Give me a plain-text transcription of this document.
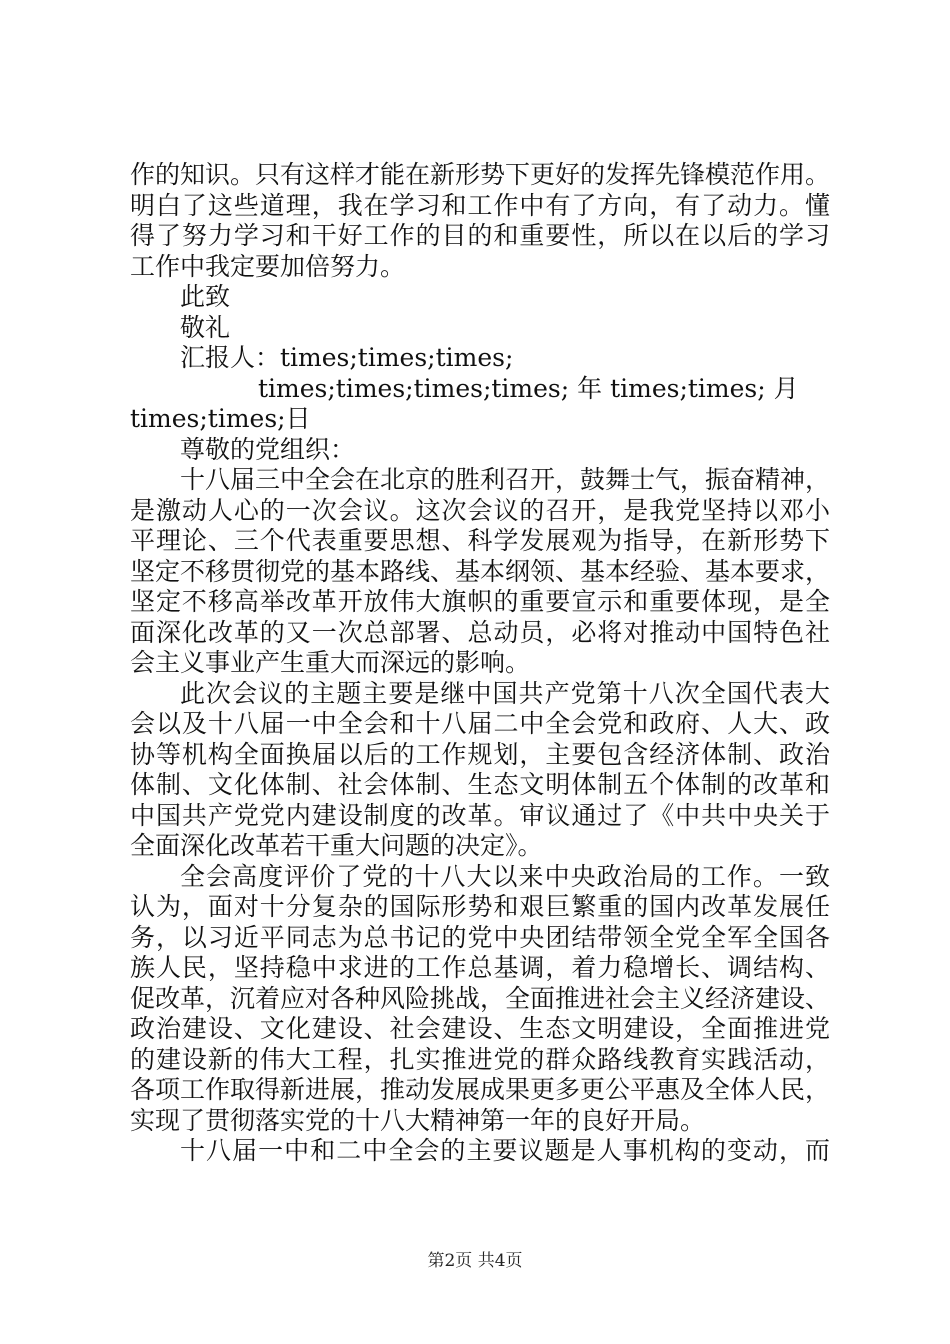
作的知识。只有这样才能在新形势下更好的发挥先锋模范作用。
明白了这些道理，我在学习和工作中有了方向，有了动力。懂
得了努力学习和干好工作的目的和重要性，所以在以后的学习
工作中我定要加倍努力。
此致
敬礼
汇报人：times;times;times;
times;times;times;times; 年 times;times; 月
times;times;日
尊敬的党组织：
十八届三中全会在北京的胜利召开，鼓舞士气，振奋精神，
是激动人心的一次会议。这次会议的召开，是我党坚持以邓小
平理论、三个代表重要思想、科学发展观为指导，在新形势下
坚定不移贯彻党的基本路线、基本纲领、基本经验、基本要求，
坚定不移高举改革开放伟大旗帜的重要宣示和重要体现，是全
面深化改革的又一次总部署、总动员，必将对推动中国特色社
会主义事业产生重大而深远的影响。
此次会议的主题主要是继中国共产党第十八次全国代表大
会以及十八届一中全会和十八届二中全会党和政府、人大、政
协等机构全面换届以后的工作规划，主要包含经济体制、政治
体制、文化体制、社会体制、生态文明体制五个体制的改革和
中国共产党党内建设制度的改革。审议通过了《中共中央关于
全面深化改革若干重大问题的决定》。
全会高度评价了党的十八大以来中央政治局的工作。一致
认为，面对十分复杂的国际形势和艰巨繁重的国内改革发展任
务，以习近平同志为总书记的党中央团结带领全党全军全国各
族人民，坚持稳中求进的工作总基调，着力稳增长、调结构、
促改革，沉着应对各种风险挑战，全面推进社会主义经济建设、
政治建设、文化建设、社会建设、生态文明建设，全面推进党
的建设新的伟大工程，扎实推进党的群众路线教育实践活动，
各项工作取得新进展，推动发展成果更多更公平惠及全体人民，
实现了贯彻落实党的十八大精神第一年的良好开局。
十八届一中和二中全会的主要议题是人事机构的变动，而
第2页 共4页
